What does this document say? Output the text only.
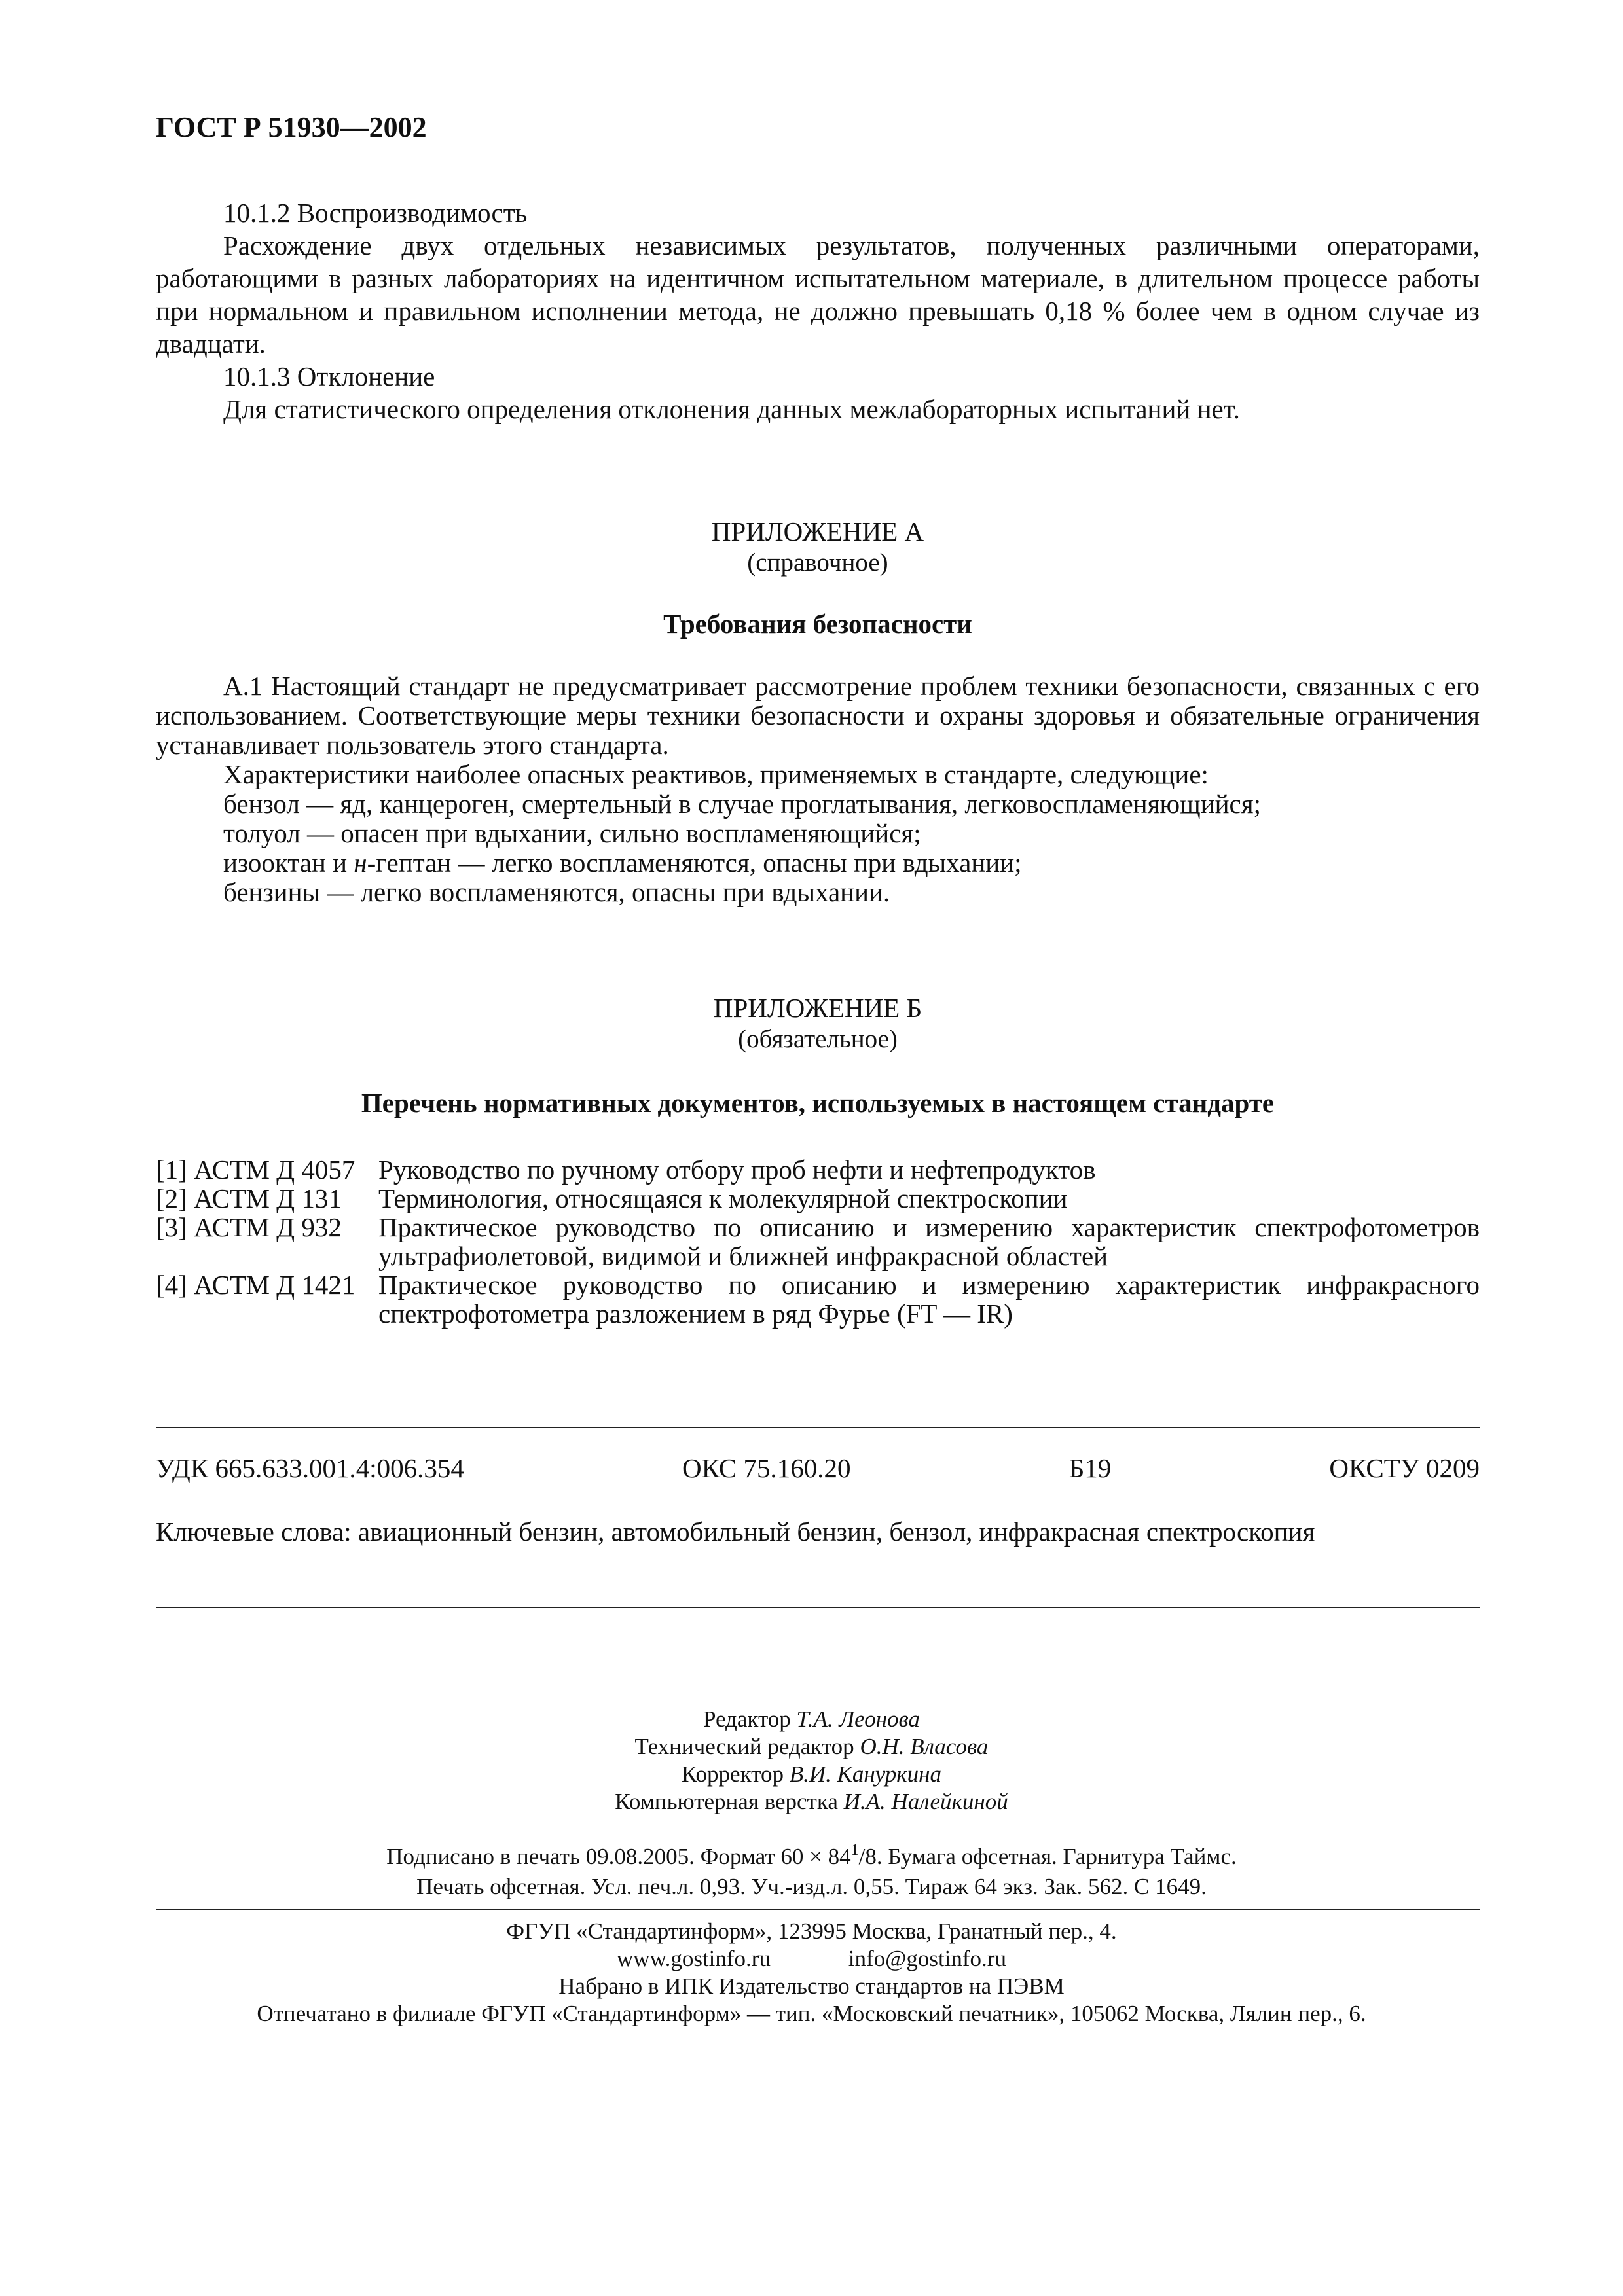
ГОСТ Р 51930—2002
10.1.2 Воспроизводимость
Расхождение двух отдельных независимых результатов, полученных различными операторами, работающими в разных лабораториях на идентичном испытательном материале, в длительном процессе работы при нормальном и правильном исполнении метода, не должно превышать 0,18 % более чем в одном случае из двадцати.
10.1.3 Отклонение
Для статистического определения отклонения данных межлабораторных испытаний нет.
ПРИЛОЖЕНИЕ А
(справочное)
Требования безопасности
А.1 Настоящий стандарт не предусматривает рассмотрение проблем техники безопасности, связанных с его использованием. Соответствующие меры техники безопасности и охраны здоровья и обязательные ограничения устанавливает пользователь этого стандарта.
Характеристики наиболее опасных реактивов, применяемых в стандарте, следующие:
бензол — яд, канцероген, смертельный в случае проглатывания, легковоспламеняющийся;
толуол — опасен при вдыхании, сильно воспламеняющийся;
изооктан и н-гептан — легко воспламеняются, опасны при вдыхании;
бензины — легко воспламеняются, опасны при вдыхании.
ПРИЛОЖЕНИЕ Б
(обязательное)
Перечень нормативных документов, используемых в настоящем стандарте
[1] АСТМ Д 4057 Руководство по ручному отбору проб нефти и нефтепродуктов
[2] АСТМ Д 131	Терминология, относящаяся к молекулярной спектроскопии
[3] АСТМ Д 932	Практическое руководство по описанию и измерению характеристик спектрофотометров ультрафиолетовой, видимой и ближней инфракрасной областей
[4] АСТМ Д 1421 Практическое руководство по описанию и измерению характеристик инфракрасного спектрофотометра разложением в ряд Фурье (FT — IR)
УДК 665.633.001.4:006.354	ОКС 75.160.20	Б19	ОКСТУ 0209
Ключевые слова: авиационный бензин, автомобильный бензин, бензол, инфракрасная спектроскопия
Редактор Т.А. Леонова
Технический редактор О.Н. Власова
Корректор В.И. Кануркина
Компьютерная верстка И.А. Налейкиной
Подписано в печать 09.08.2005. Формат $60 \times 84^1/8$. Бумага офсетная. Гарнитура Таймс.
Печать офсетная. Усл. печ.л. 0,93. Уч.-изд.л. 0,55. Тираж 64 экз. Зак. 562. С 1649.
ФГУП «Стандартинформ», 123995 Москва, Гранатный пер., 4.
www.gostinfo.ru	info@gostinfo.ru
Набрано в ИПК Издательство стандартов на ПЭВМ
Отпечатано в филиале ФГУП «Стандартинформ» — тип. «Московский печатник», 105062 Москва, Лялин пер., 6.
